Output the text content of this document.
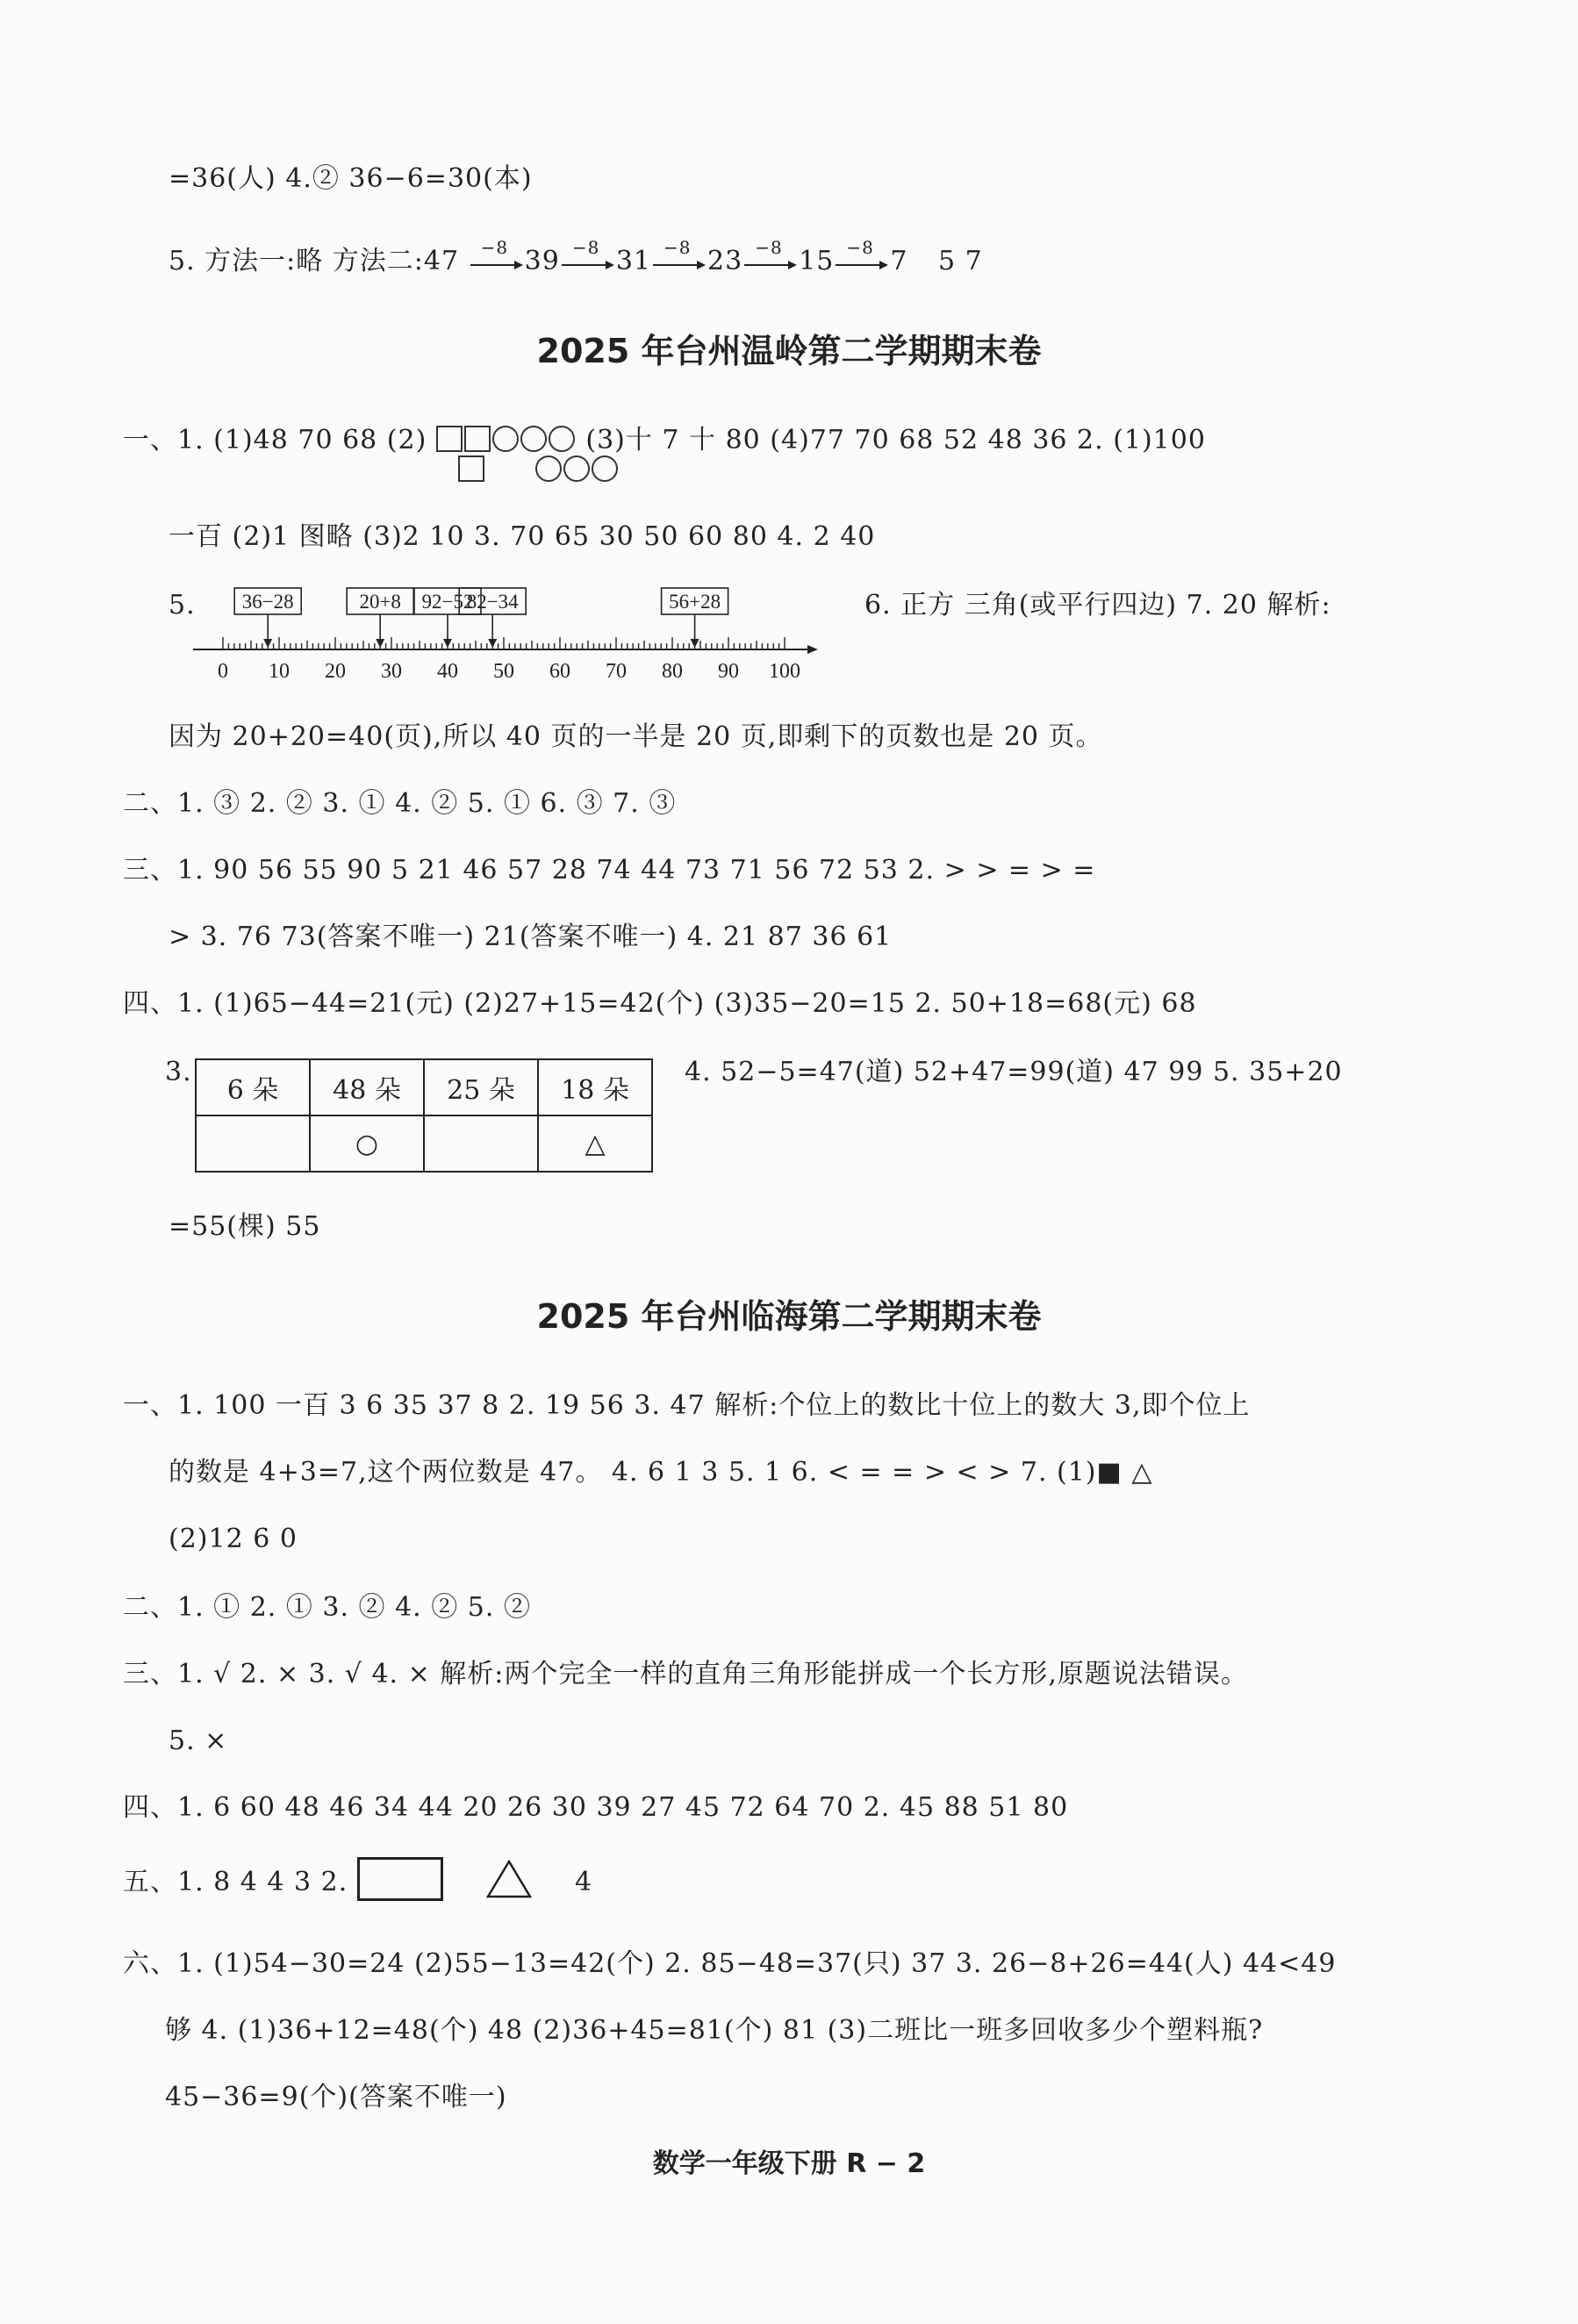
=36(人) 4.② 36−6=30(本)
5. 方法一:略 方法二:47 −8 39 −8 31 −8 23 −8 15 −8 7 5 7
2025 年台州温岭第二学期期末卷
一、1. (1)48 70 68 (2)	(3)十 7 十 80 (4)77 70 68 52 48 36 2. (1)100
一百 (2)1 图略 (3)2 10 3. 70 65 30 50 60 80 4. 2 40
5.
0 10 20 30 40 50 60 70 80 90 100
36−28	20+8 92−52
82−34	56+28	6. 正方 三角(或平行四边) 7. 20 解析:
因为 20+20=40(页),所以 40 页的一半是 20 页,即剩下的页数也是 20 页。
二、1. ③ 2. ② 3. ① 4. ② 5. ① 6. ③ 7. ③
三、1. 90 56 55 90 5 21 46 57 28 74 44 73 71 56 72 53 2. > > = > =
> 3. 76 73(答案不唯一) 21(答案不唯一) 4. 21 87 36 61
四、1. (1)65−44=21(元) (2)27+15=42(个) (3)35−20=15 2. 50+18=68(元) 68
3.
6 朵	48 朵	25 朵	18 朵
	○		△
4. 52−5=47(道) 52+47=99(道) 47 99 5. 35+20
=55(棵) 55
2025 年台州临海第二学期期末卷
一、1. 100 一百 3 6 35 37 8 2. 19 56 3. 47 解析:个位上的数比十位上的数大 3,即个位上
的数是 4+3=7,这个两位数是 47。 4. 6 1 3 5. 1 6. < = = > < > 7. (1)■ △
(2)12 6 0
二、1. ① 2. ① 3. ② 4. ② 5. ②
三、1. √ 2. × 3. √ 4. × 解析:两个完全一样的直角三角形能拼成一个长方形,原题说法错误。
5. ×
四、1. 6 60 48 46 34 44 20 26 30 39 27 45 72 64 70 2. 45 88 51 80
五、1. 8 4 4 3 2.	4
六、1. (1)54−30=24 (2)55−13=42(个) 2. 85−48=37(只) 37 3. 26−8+26=44(人) 44<49
够 4. (1)36+12=48(个) 48 (2)36+45=81(个) 81 (3)二班比一班多回收多少个塑料瓶?
45−36=9(个)(答案不唯一)
数学一年级下册 R − 2
